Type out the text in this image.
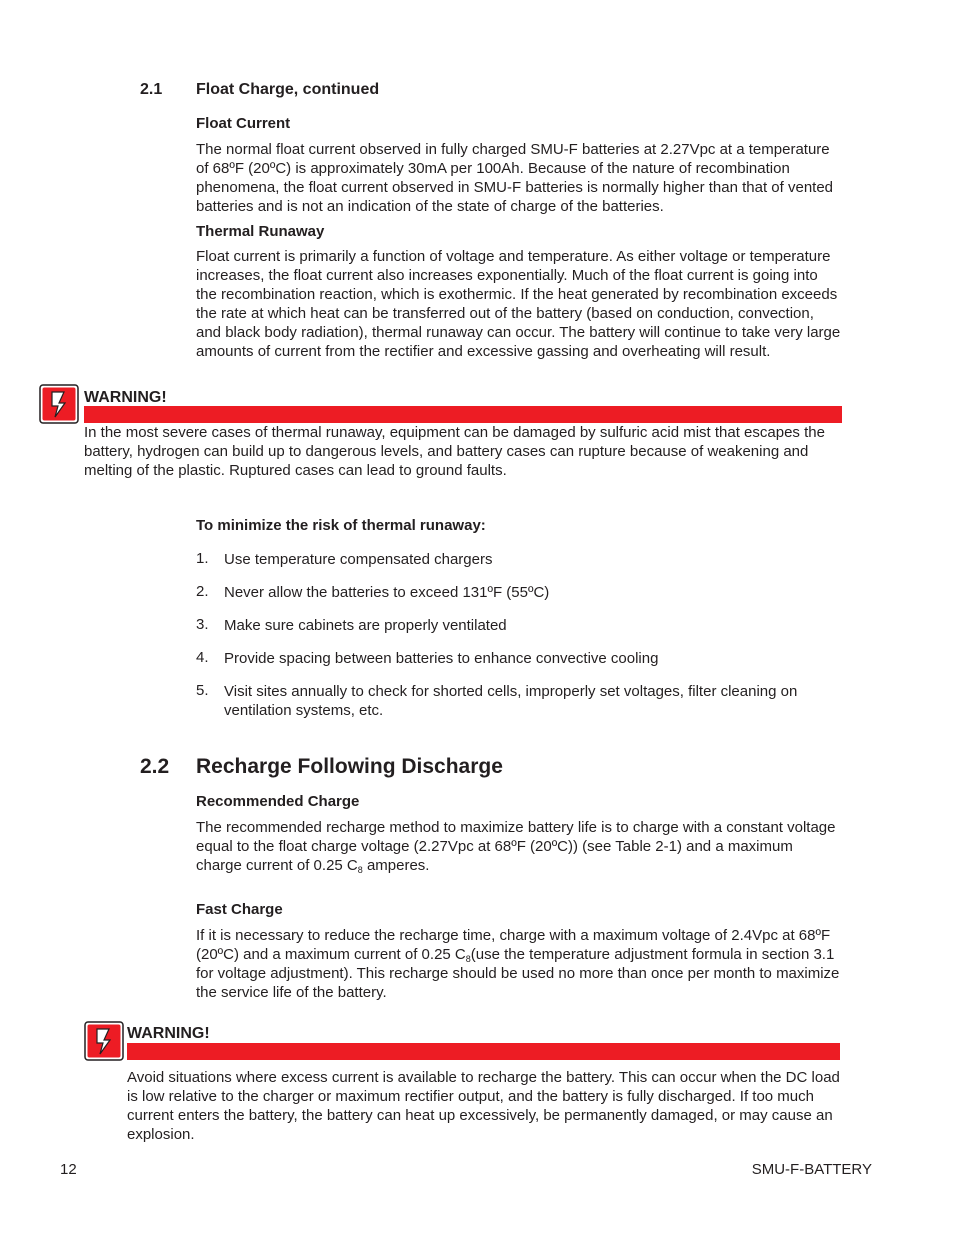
2.1 Float Charge, continued
Float Current
The normal float current observed in fully charged SMU-F batteries at 2.27Vpc at a temperature of 68ºF (20ºC) is approximately 30mA per 100Ah. Because of the nature of recombination phenomena, the float current observed in SMU-F batteries is normally higher than that of vented batteries and is not an indication of the state of charge of the batteries.
Thermal Runaway
Float current is primarily a function of voltage and temperature. As either voltage or temperature increases, the float current also increases exponentially. Much of the float current is going into the recombination reaction, which is exothermic. If the heat generated by recombination exceeds the rate at which heat can be transferred out of the battery (based on conduction, convection, and black body radiation), thermal runaway can occur. The battery will continue to take very large amounts of current from the rectifier and excessive gassing and overheating will result.
WARNING!
In the most severe cases of thermal runaway, equipment can be damaged by sulfuric acid mist that escapes the battery, hydrogen can build up to dangerous levels, and battery cases can rupture because of weakening and melting of the plastic. Ruptured cases can lead to ground faults.
To minimize the risk of thermal runaway:
1. Use temperature compensated chargers
2. Never allow the batteries to exceed 131ºF (55ºC)
3. Make sure cabinets are properly ventilated
4. Provide spacing between batteries to enhance convective cooling
5. Visit sites annually to check for shorted cells, improperly set voltages, filter cleaning on ventilation systems, etc.
2.2 Recharge Following Discharge
Recommended Charge
The recommended recharge method to maximize battery life is to charge with a constant voltage equal to the float charge voltage (2.27Vpc at 68ºF (20ºC)) (see Table 2-1) and a maximum charge current of 0.25 $C_8$ amperes.
Fast Charge
If it is necessary to reduce the recharge time, charge with a maximum voltage of 2.4Vpc at 68ºF (20ºC) and a maximum current of 0.25 $C_8(use$ the temperature adjustment formula in section 3.1 for voltage adjustment). This recharge should be used no more than once per month to maximize the service life of the battery.
WARNING!
Avoid situations where excess current is available to recharge the battery. This can occur when the DC load is low relative to the charger or maximum rectifier output, and the battery is fully discharged. If too much current enters the battery, the battery can heat up excessively, be permanently damaged, or may cause an explosion.
12	SMU-F-BATTERY
